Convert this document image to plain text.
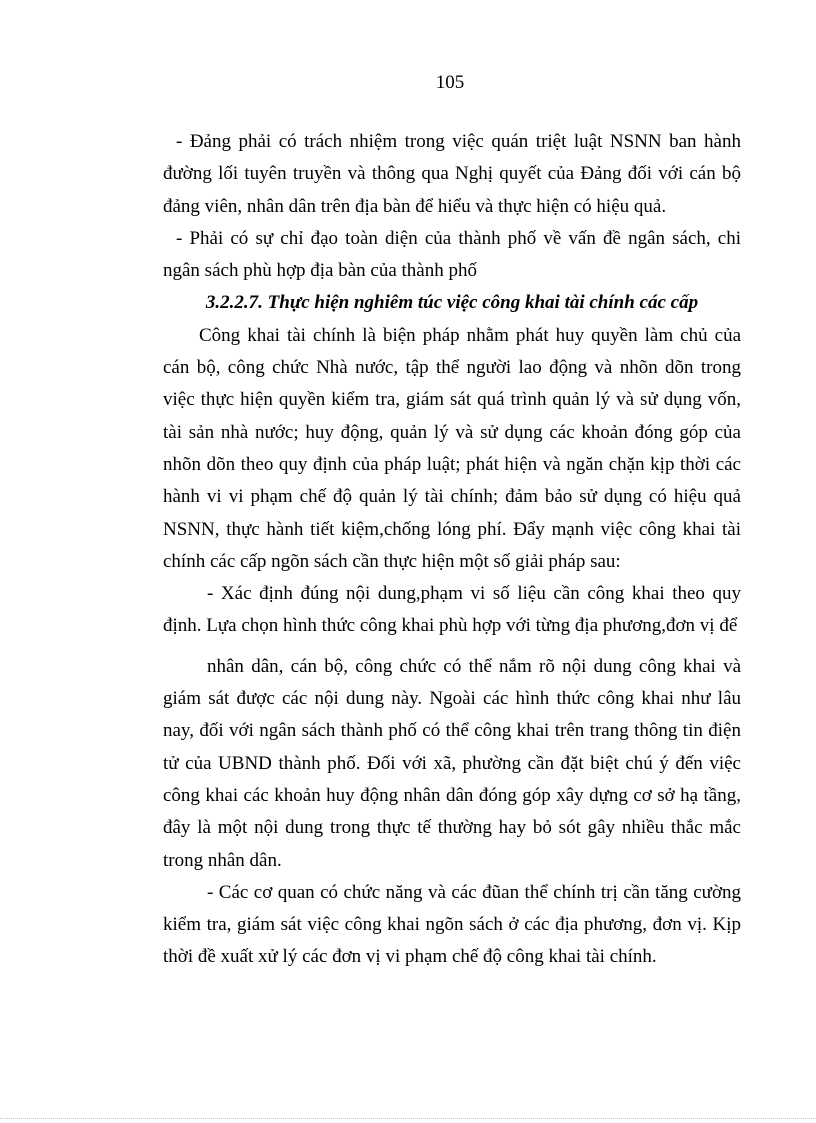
105

- Đảng phải có trách nhiệm trong việc quán triệt luật NSNN ban hành đường lối tuyên truyền và thông qua Nghị quyết của Đảng đối với cán bộ đảng viên, nhân dân trên địa bàn để hiểu và thực hiện có hiệu quả.

- Phải có sự chỉ đạo toàn diện của thành phố về vấn đề ngân sách, chi ngân sách phù hợp địa bàn của thành phố

3.2.2.7. Thực hiện nghiêm túc việc công khai tài chính các cấp

Công khai tài chính là biện pháp nhằm phát huy quyền làm chủ của cán bộ, công chức Nhà nước, tập thể người lao động và nhõn dõn trong việc thực hiện quyền kiểm tra, giám sát quá trình quản lý và sử dụng vốn, tài sản nhà nước; huy động, quản lý và sử dụng các khoản đóng góp của nhõn dõn theo quy định của pháp luật; phát hiện và ngăn chặn kịp thời các hành vi vi phạm chế độ quản lý tài chính; đảm bảo sử dụng có hiệu quả NSNN, thực hành tiết kiệm,chống lóng phí. Đẩy mạnh việc công khai tài chính các cấp ngõn sách cần thực hiện một số giải pháp sau:

- Xác định đúng nội dung,phạm vi số liệu cần công khai theo quy định. Lựa chọn hình thức công khai phù hợp với từng địa phương,đơn vị để

nhân dân, cán bộ, công chức có thể nắm rõ nội dung công khai và giám sát được các nội dung này. Ngoài các hình thức công khai như lâu nay, đối với ngân sách thành phố có thể công khai trên trang thông tin điện tử của UBND thành phố. Đối với xã, phường cần đặt biệt chú ý đến việc công khai các khoản huy động nhân dân đóng góp xây dựng cơ sở hạ tầng, đây là một nội dung trong thực tế thường hay bỏ sót gây nhiều thắc mắc trong nhân dân.

- Các cơ quan có chức năng và các đũan thể chính trị cần tăng cường kiểm tra, giám sát việc công khai ngõn sách ở các địa phương, đơn vị. Kịp thời đề xuất xử lý các đơn vị vi phạm chế độ công khai tài chính.
